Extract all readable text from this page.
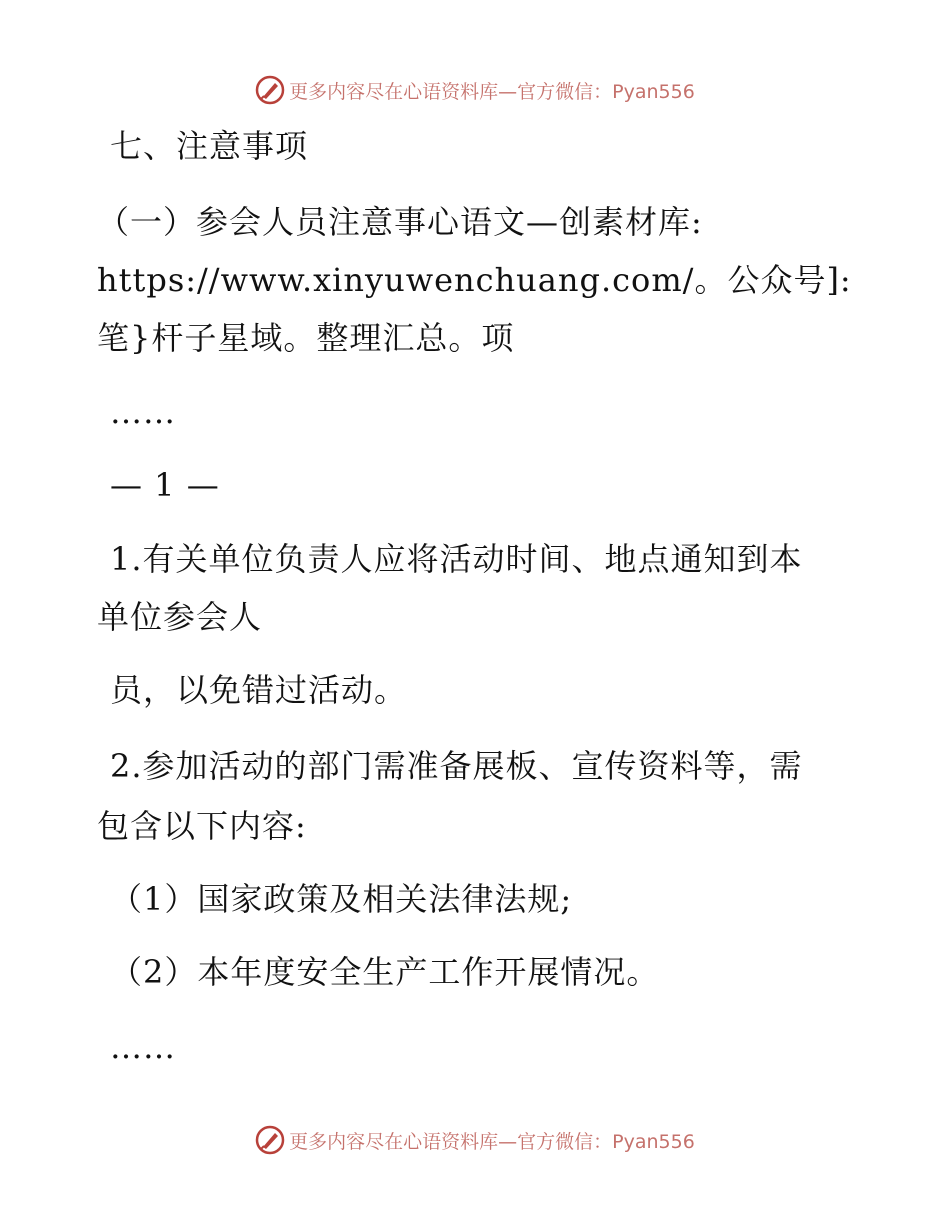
更多内容尽在心语资料库—官方微信：Pyan556
七、注意事项
（一）参会人员注意事心语文—创素材库:
https://www.xinyuwenchuang.com/。公众号]:
笔}杆子星域。整理汇总。项
……
— 1 —
1.有关单位负责人应将活动时间、地点通知到本
单位参会人
员，以免错过活动。
2.参加活动的部门需准备展板、宣传资料等，需
包含以下内容:
（1）国家政策及相关法律法规;
（2）本年度安全生产工作开展情况。
……
更多内容尽在心语资料库—官方微信：Pyan556
